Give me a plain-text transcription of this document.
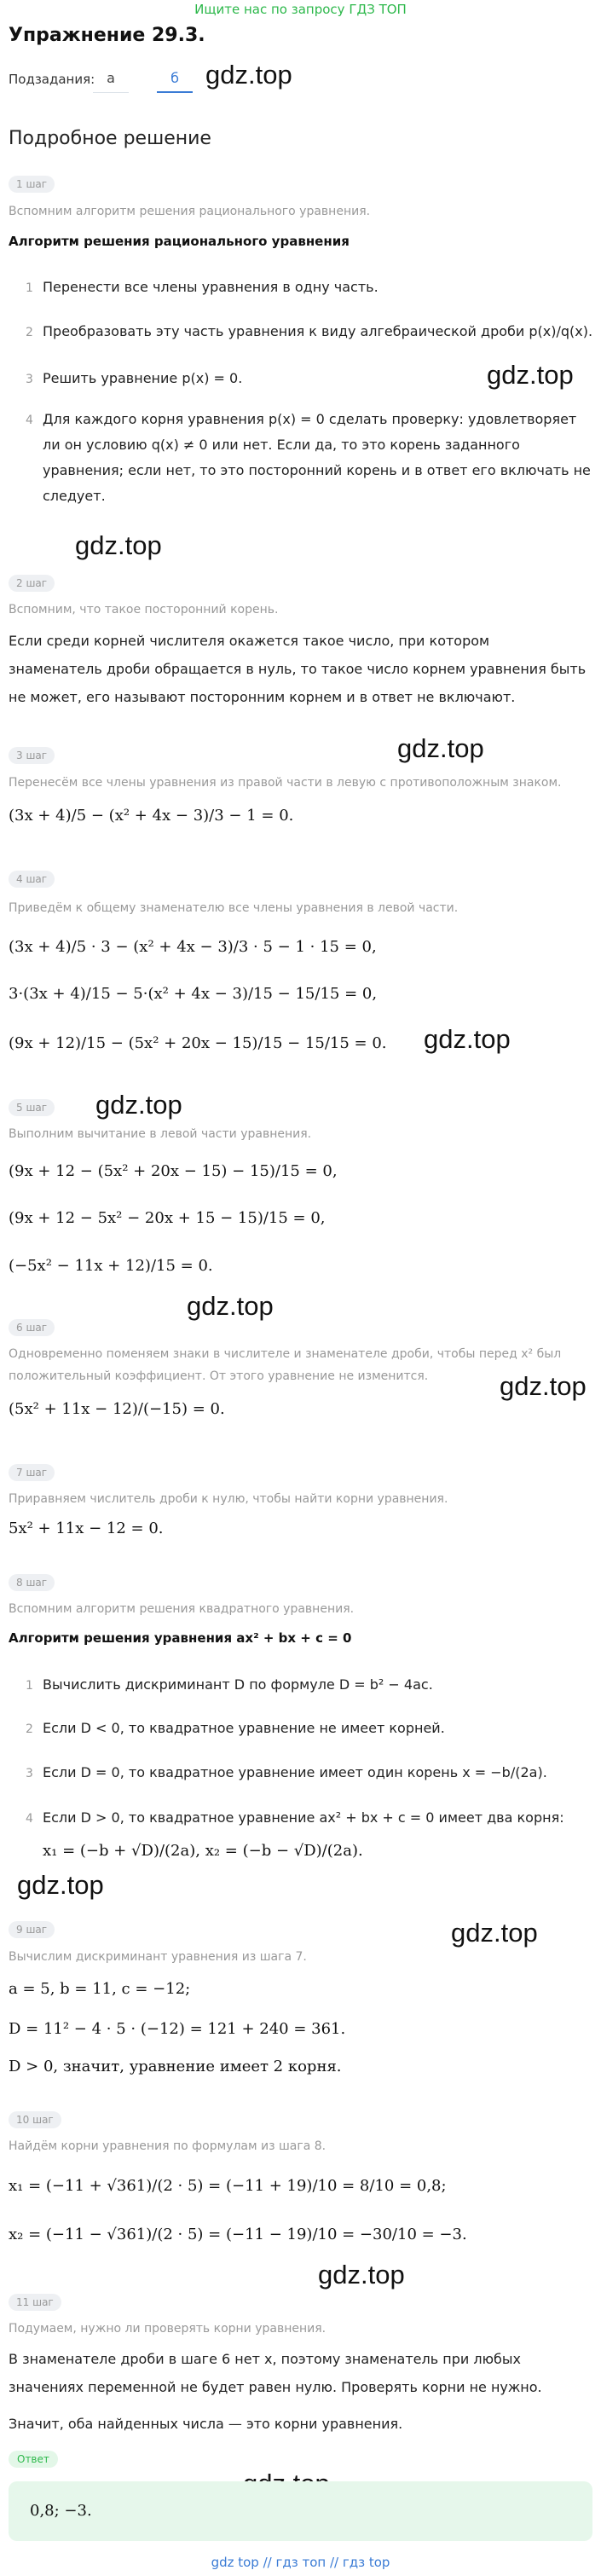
Ищите нас по запросу ГДЗ ТОП
Упражнение 29.3.
Подзадания: а	б	gdz.top
Подробное решение
1 шаг
Вспомним алгоритм решения рационального уравнения.
Алгоритм решения рационального уравнения
1 Перенести все члены уравнения в одну часть.
2 Преобразовать эту часть уравнения к виду алгебраической дроби p(x)/q(x).
3 Решить уравнение p(x) = 0.	gdz.top
4 Для каждого корня уравнения p(x) = 0 сделать проверку: удовлетворяет
ли он условию q(x) ≠ 0 или нет. Если да, то это корень заданного
уравнения; если нет, то это посторонний корень и в ответ его включать не
следует.
gdz.top
2 шаг
Вспомним, что такое посторонний корень.
Если среди корней числителя окажется такое число, при котором
знаменатель дроби обращается в нуль, то такое число корнем уравнения быть
не может, его называют посторонним корнем и в ответ не включают.
gdz.top
3 шаг
Перенесём все члены уравнения из правой части в левую с противоположным знаком.
(3x + 4)/5 − (x² + 4x − 3)/3 − 1 = 0.
4 шаг
Приведём к общему знаменателю все члены уравнения в левой части.
(3x + 4)/5 · 3 − (x² + 4x − 3)/3 · 5 − 1 · 15 = 0,
3·(3x + 4)/15 − 5·(x² + 4x − 3)/15 − 15/15 = 0,
gdz.top
(9x + 12)/15 − (5x² + 20x − 15)/15 − 15/15 = 0.
gdz.top
5 шаг
Выполним вычитание в левой части уравнения.
(9x + 12 − (5x² + 20x − 15) − 15)/15 = 0,
(9x + 12 − 5x² − 20x + 15 − 15)/15 = 0,
(−5x² − 11x + 12)/15 = 0.
gdz.top
6 шаг
Одновременно поменяем знаки в числителе и знаменателе дроби, чтобы перед x² был
gdz.top
положительный коэффициент. От этого уравнение не изменится.
(5x² + 11x − 12)/(−15) = 0.
7 шаг
Приравняем числитель дроби к нулю, чтобы найти корни уравнения.
5x² + 11x − 12 = 0.
8 шаг
Вспомним алгоритм решения квадратного уравнения.
Алгоритм решения уравнения ax² + bx + c = 0
1 Вычислить дискриминант D по формуле D = b² − 4ac.
2 Если D < 0, то квадратное уравнение не имеет корней.
3 Если D = 0, то квадратное уравнение имеет один корень x = −b/(2a).
4 Если D > 0, то квадратное уравнение ax² + bx + c = 0 имеет два корня:
x₁ = (−b + √D)/(2a), x₂ = (−b − √D)/(2a).
gdz.top
9 шаг	gdz.top
Вычислим дискриминант уравнения из шага 7.
a = 5, b = 11, c = −12;
D = 11² − 4 · 5 · (−12) = 121 + 240 = 361.
D > 0, значит, уравнение имеет 2 корня.
10 шаг
Найдём корни уравнения по формулам из шага 8.
x₁ = (−11 + √361)/(2 · 5) = (−11 + 19)/10 = 8/10 = 0,8;
x₂ = (−11 − √361)/(2 · 5) = (−11 − 19)/10 = −30/10 = −3.
gdz.top
11 шаг
Подумаем, нужно ли проверять корни уравнения.
В знаменателе дроби в шаге 6 нет x, поэтому знаменатель при любых
значениях переменной не будет равен нулю. Проверять корни не нужно.
Значит, оба найденных числа — это корни уравнения.
Ответ
0,8; −3.
gdz top // гдз топ // гдз top
